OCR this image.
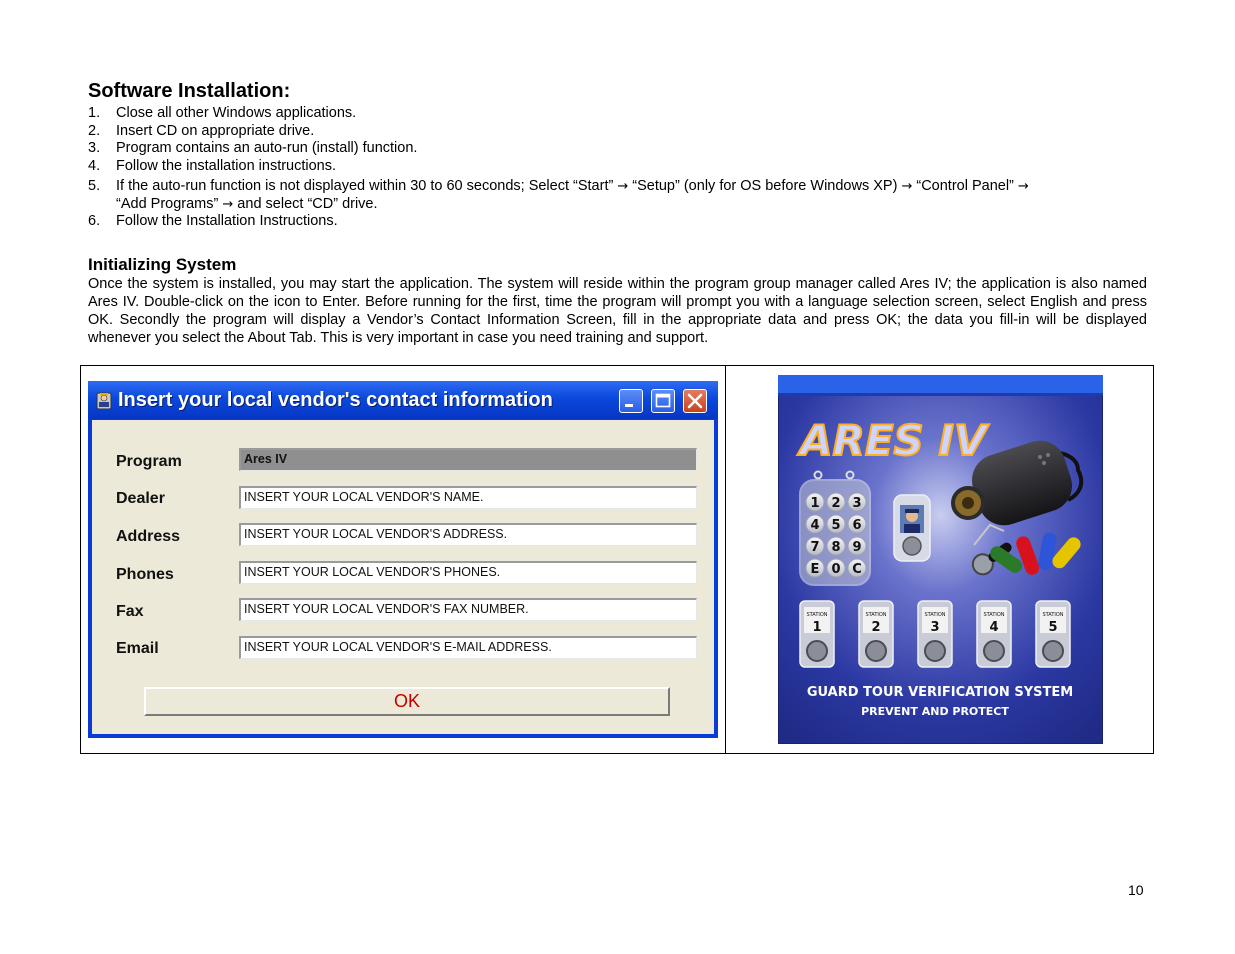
Software Installation:
1. Close all other Windows applications.
2. Insert CD on appropriate drive.
3. Program contains an auto-run (install) function.
4. Follow the installation instructions.
5. If the auto-run function is not displayed within 30 to 60 seconds; Select “Start” → “Setup” (only for OS before Windows XP) → “Control Panel” →
“Add Programs” → and select “CD” drive.
6. Follow the Installation Instructions.
Initializing System

Once the system is installed, you may start the application. The system will reside within the program group manager called Ares IV; the application is also named Ares IV. Double-click on the icon to Enter. Before running for the first, time the program will prompt you with a language selection screen, select English and press OK. Secondly the program will display a Vendor’s Contact Information Screen, fill in the appropriate data and press OK; the data you fill-in will be displayed whenever you select the About Tab. This is very important in case you need training and support.

Insert your local vendor's contact information
Program	Ares IV
Dealer	INSERT YOUR LOCAL VENDOR'S NAME.
Address	INSERT YOUR LOCAL VENDOR'S ADDRESS.
Phones	INSERT YOUR LOCAL VENDOR'S PHONES.
Fax	INSERT YOUR LOCAL VENDOR'S FAX NUMBER.
Email	INSERT YOUR LOCAL VENDOR'S E-MAIL ADDRESS.
OK
ARES IV
1 2 3
4 5 6
7 8 9
E 0 C
STATION
1
STATION
2
STATION
3
STATION
4
STATION
5
GUARD TOUR VERIFICATION SYSTEM
PREVENT AND PROTECT
10
